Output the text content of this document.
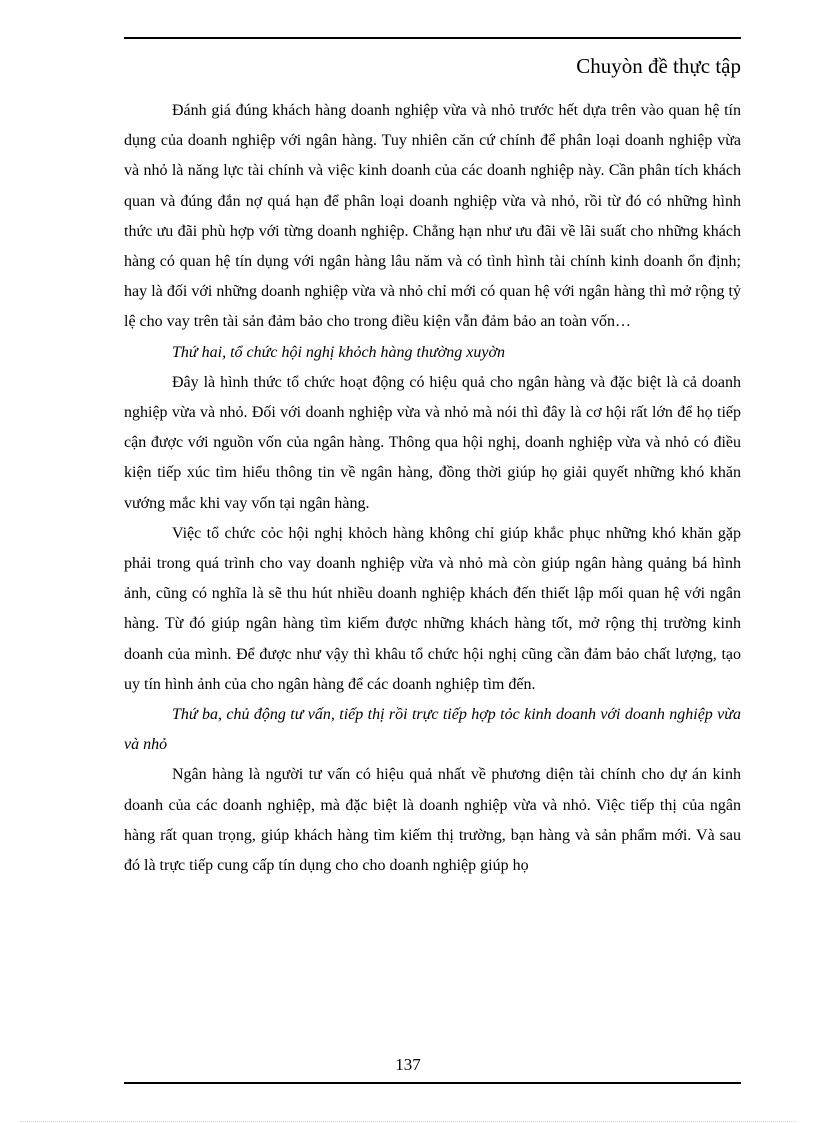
Chuyòn đề thực tập

Đánh giá đúng khách hàng doanh nghiệp vừa và nhỏ trước hết dựa trên vào quan hệ tín dụng của doanh nghiệp với ngân hàng. Tuy nhiên căn cứ chính để phân loại doanh nghiệp vừa và nhỏ là năng lực tài chính và việc kinh doanh của các doanh nghiệp này. Cần phân tích khách quan và đúng đắn nợ quá hạn để phân loại doanh nghiệp vừa và nhỏ, rồi từ đó có những hình thức ưu đãi phù hợp với từng doanh nghiệp. Chẳng hạn như ưu đãi về lãi suất cho những khách hàng có quan hệ tín dụng với ngân hàng lâu năm và có tình hình tài chính kinh doanh ổn định; hay là đối với những doanh nghiệp vừa và nhỏ chỉ mới có quan hệ với ngân hàng thì mở rộng tỷ lệ cho vay trên tài sản đảm bảo cho trong điều kiện vẫn đảm bảo an toàn vốn…

Thứ hai, tổ chức hội nghị khỏch hàng thường xuyờn

Đây là hình thức tổ chức hoạt động có hiệu quả cho ngân hàng và đặc biệt là cả doanh nghiệp vừa và nhỏ. Đối với doanh nghiệp vừa và nhỏ mà nói thì đây là cơ hội rất lớn để họ tiếp cận được với nguồn vốn của ngân hàng. Thông qua hội nghị, doanh nghiệp vừa và nhỏ có điều kiện tiếp xúc tìm hiểu thông tin về ngân hàng, đồng thời giúp họ giải quyết những khó khăn vướng mắc khi vay vốn tại ngân hàng.

Việc tổ chức cỏc hội nghị khỏch hàng không chỉ giúp khắc phục những khó khăn gặp phải trong quá trình cho vay doanh nghiệp vừa và nhỏ mà còn giúp ngân hàng quảng bá hình ảnh, cũng có nghĩa là sẽ thu hút nhiều doanh nghiệp khách đến thiết lập mối quan hệ với ngân hàng. Từ đó giúp ngân hàng tìm kiếm được những khách hàng tốt, mở rộng thị trường kinh doanh của mình. Để được như vậy thì khâu tổ chức hội nghị cũng cần đảm bảo chất lượng, tạo uy tín hình ảnh của cho ngân hàng để các doanh nghiệp tìm đến.

Thứ ba, chủ động tư vấn, tiếp thị rồi trực tiếp hợp tỏc kinh doanh với doanh nghiệp vừa và nhỏ

Ngân hàng là người tư vấn có hiệu quả nhất về phương diện tài chính cho dự án kinh doanh của các doanh nghiệp, mà đặc biệt là doanh nghiệp vừa và nhỏ. Việc tiếp thị của ngân hàng rất quan trọng, giúp khách hàng tìm kiếm thị trường, bạn hàng và sản phẩm mới. Và sau đó là trực tiếp cung cấp tín dụng cho cho doanh nghiệp giúp họ

137
